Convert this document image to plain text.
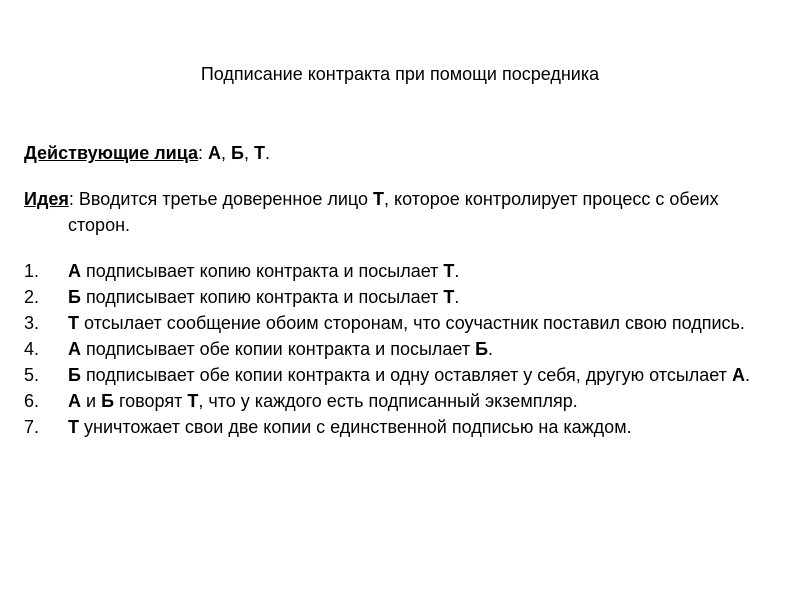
Подписание контракта при помощи посредника

Действующие лица: А, Б, Т.

Идея: Вводится третье доверенное лицо Т, которое контролирует процесс с обеих сторон.

1.	А подписывает копию контракта и посылает Т.
2.	Б подписывает копию контракта и посылает Т.
3.	Т отсылает сообщение обоим сторонам, что соучастник поставил свою подпись.
4.	А подписывает обе копии контракта и посылает Б.
5.	Б подписывает обе копии контракта и одну оставляет у себя, другую отсылает А.
6.	А и Б говорят Т, что у каждого есть подписанный экземпляр.
7.	Т уничтожает свои две копии с единственной подписью на каждом.
